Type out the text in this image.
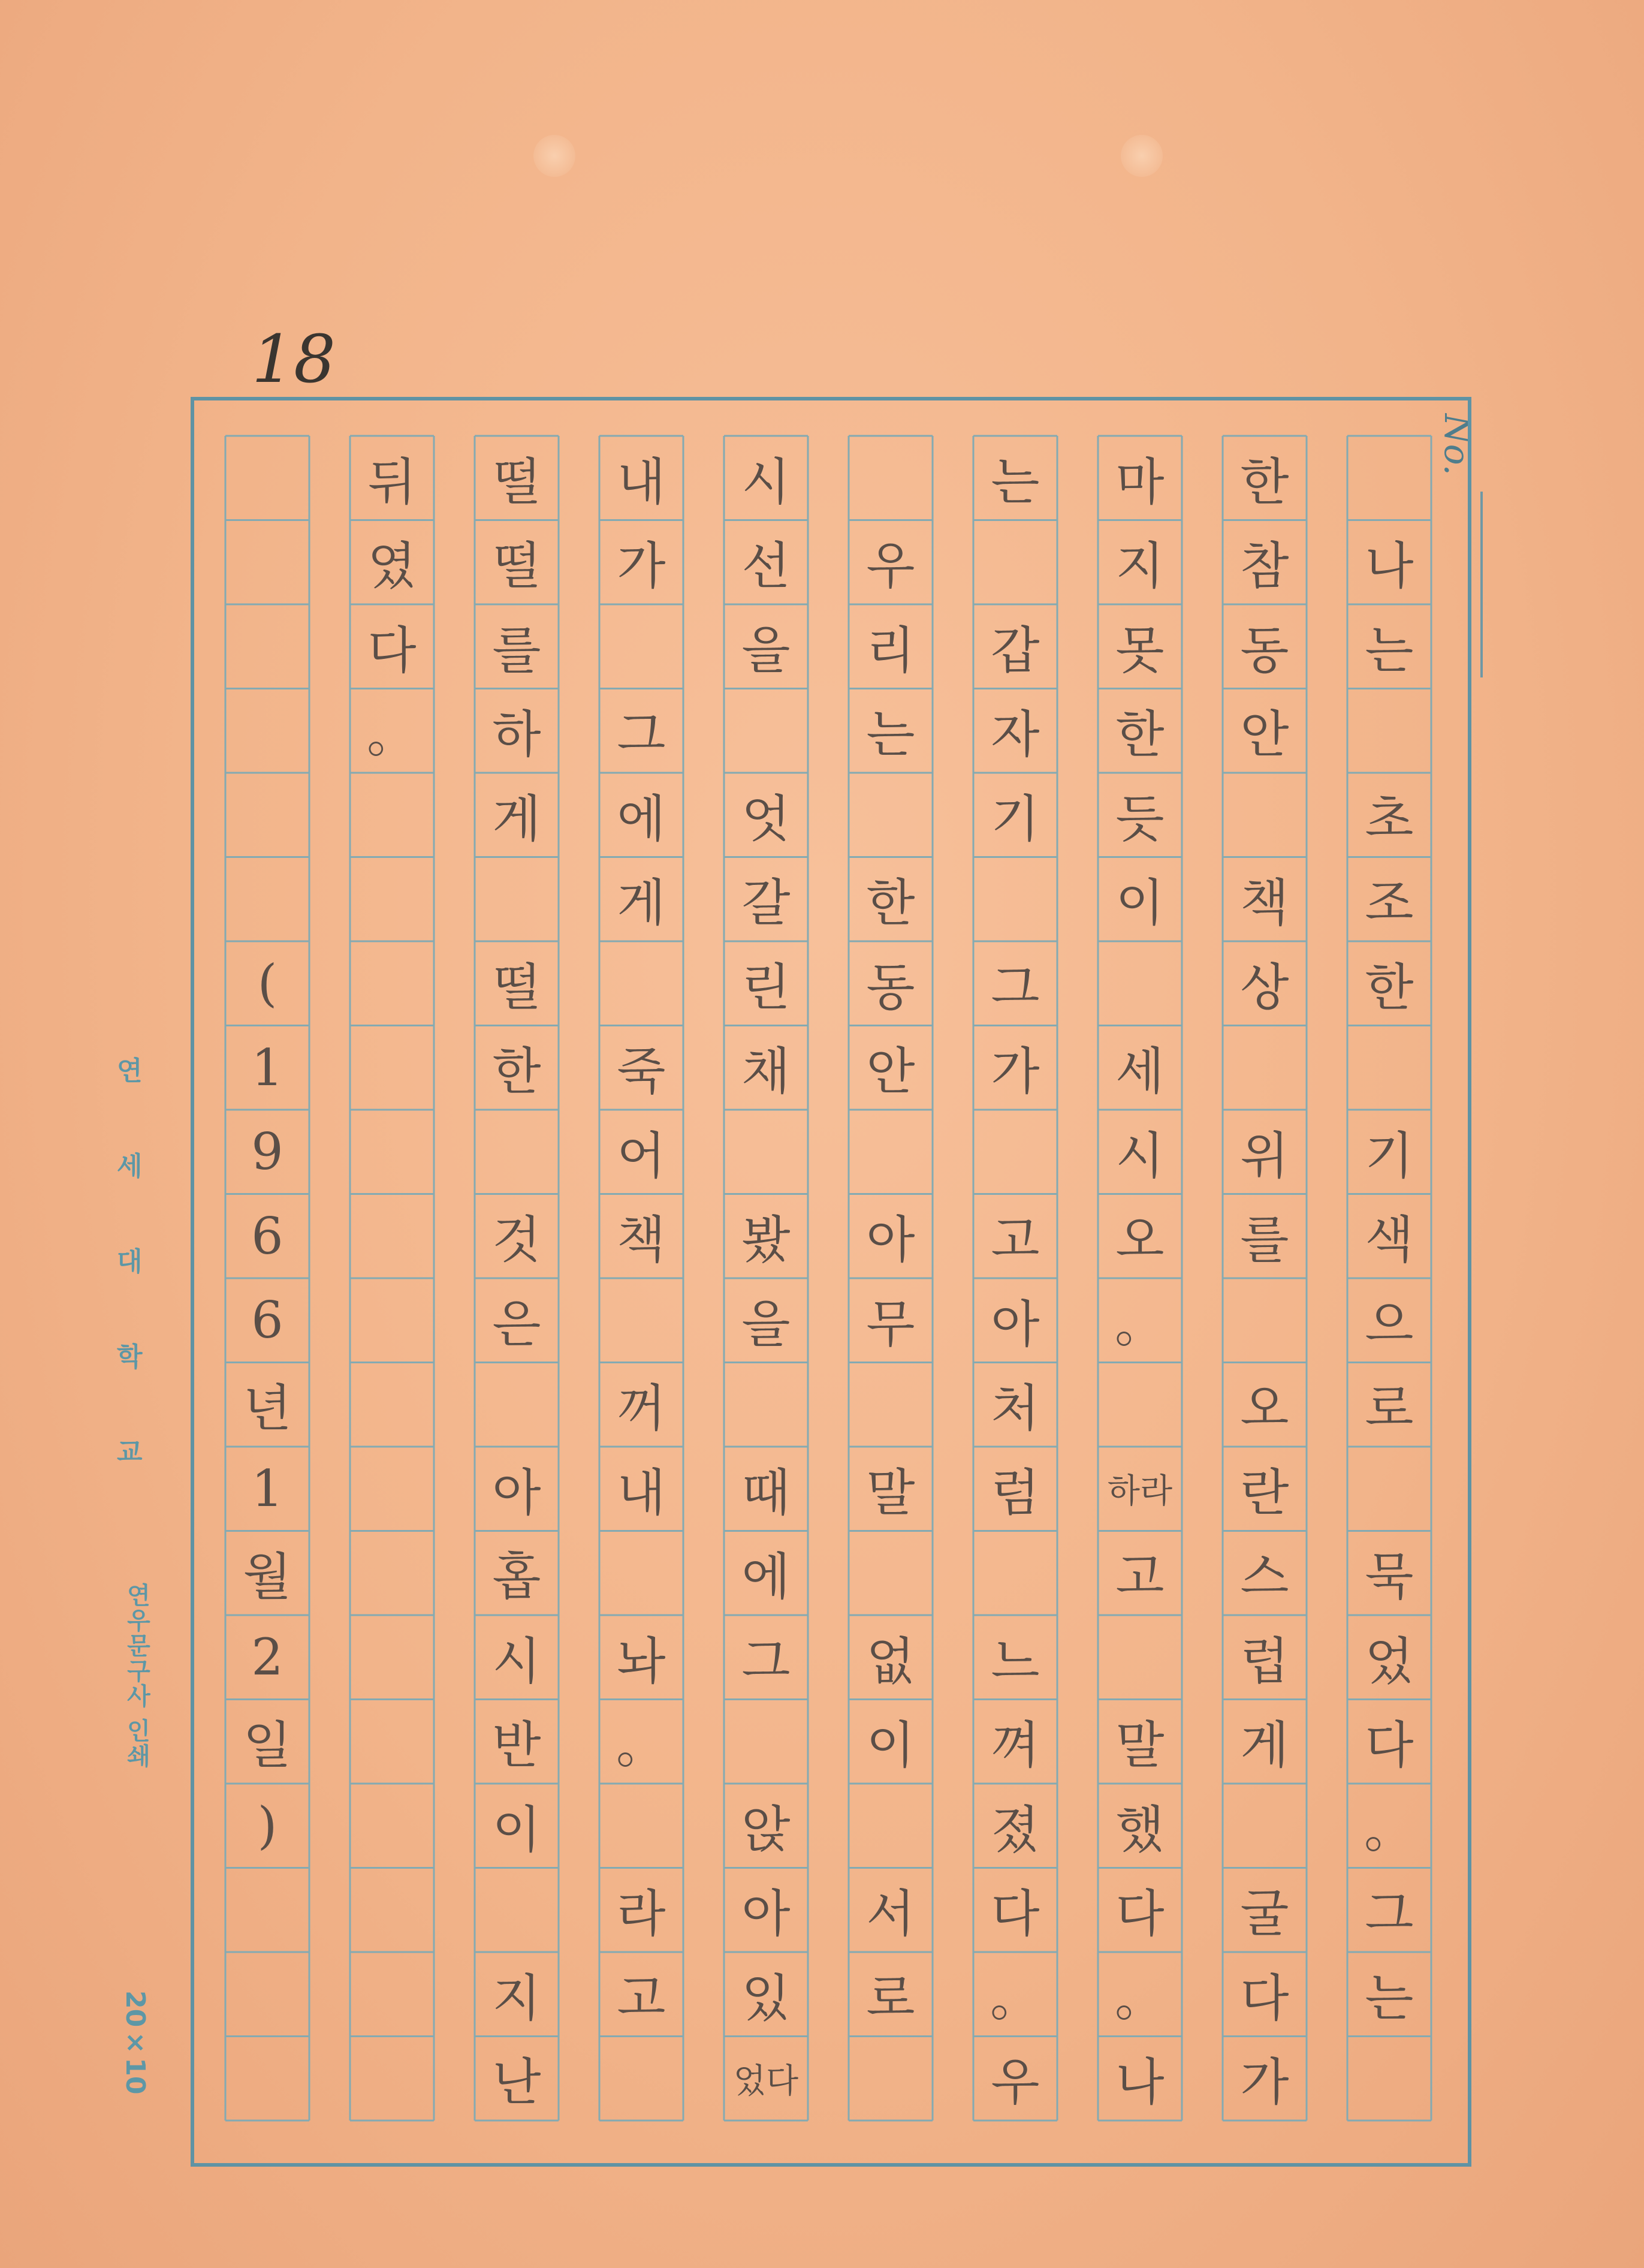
18
No.
나
는
초
조
한
기
색
으
로
묵
었
다
。
그
는
한
참
동
안
책
상
위
를
오
란
스
럽
게
굴
다
가
마
지
못
한
듯
이
세
시
오
。
하라
고
말
했
다
。
나
는
갑
자
기
그
가
고
아
처
럼
느
껴
졌
다
。
우
우
리
는
한
동
안
아
무
말
없
이
서
로
시
선
을
엇
갈
린
채
봤
을
때
에
그
앉
아
있
었다
내
가
그
에
게
죽
어
책
꺼
내
놔
。
라
고
떨
떨
를
하
게
떨
한
것
은
아
홉
시
반
이
지
난
뒤
였
다
。
(
1
9
6
6
년
1
월
2
일
)
연
세
대
학
교
연우문구사 인쇄
20×10
